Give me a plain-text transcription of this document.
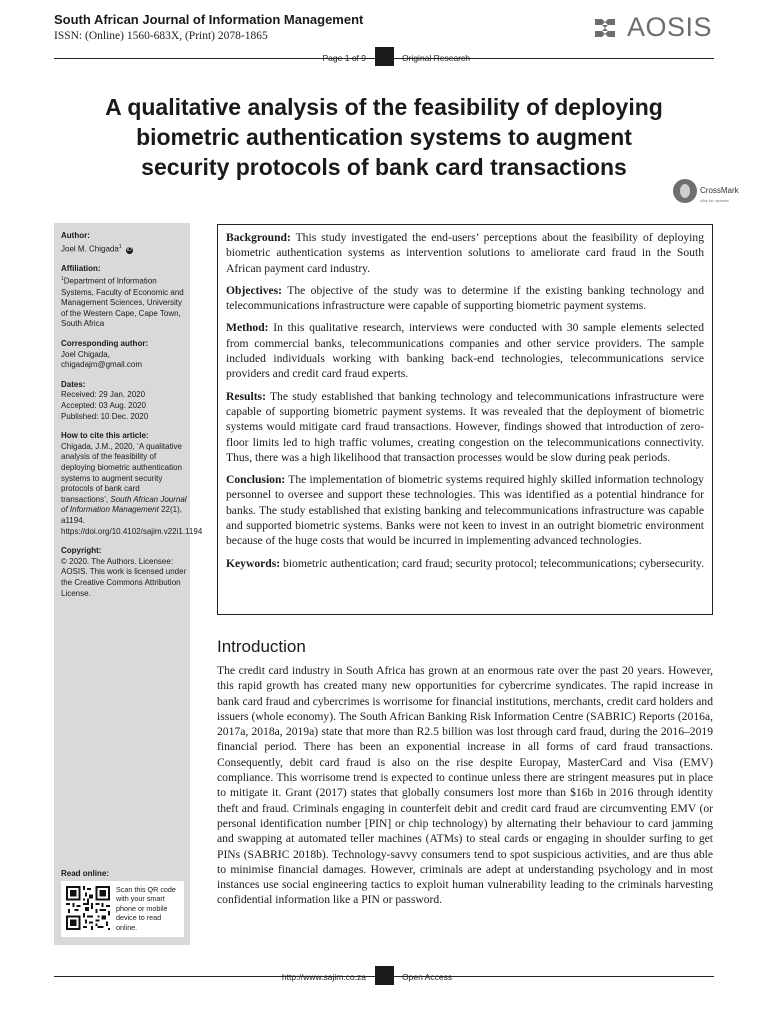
South African Journal of Information Management
ISSN: (Online) 1560-683X, (Print) 2078-1865	AOSIS
Page 1 of 9	Original Research
A qualitative analysis of the feasibility of deploying
biometric authentication systems to augment
security protocols of bank card transactions
CrossMark
click for updates
Author:
Joel M. Chigada$^1$ iD
Affiliation:
$^1$Department of Information Systems, Faculty of Economic and Management Sciences, University of the Western Cape, Cape Town, South Africa
Corresponding author:
Joel Chigada,
chigadajm@gmail.com
Dates:
Received: 29 Jan. 2020
Accepted: 03 Aug. 2020
Published: 10 Dec. 2020
How to cite this article:
Chigada, J.M., 2020, ‘A qualitative analysis of the feasibility of deploying biometric authentication systems to augment security protocols of bank card transactions’, South African Journal of Information Management 22(1), a1194. https://doi.org/10.4102/sajim.v22i1.1194
Copyright:
© 2020. The Authors. Licensee: AOSIS. This work is licensed under the Creative Commons Attribution License.
Read online:
Scan this QR code with your smart phone or mobile device to read online.

Background: This study investigated the end-users’ perceptions about the feasibility of deploying biometric authentication systems as intervention solutions to ameliorate card fraud in the South African payment card industry.

Objectives: The objective of the study was to determine if the existing banking technology and telecommunications infrastructure were capable of supporting biometric payment systems.

Method: In this qualitative research, interviews were conducted with 30 sample elements selected from commercial banks, telecommunications companies and other service providers. The sample included individuals working with banking back-end technologies, telecommunications service providers and credit card fraud experts.

Results: The study established that banking technology and telecommunications infrastructure were capable of supporting biometric payment systems. It was revealed that the deployment of biometric systems would mitigate card fraud transactions. However, findings showed that introduction of zero-floor limits led to high traffic volumes, creating congestion on the telecommunications connectivity. Thus, there was a high likelihood that transaction processes would be slow during peak periods.

Conclusion: The implementation of biometric systems required highly skilled information technology personnel to oversee and support these technologies. This was identified as a potential hindrance for banks. The study established that existing banking and telecommunications infrastructure was capable and supported biometric systems. Banks were not keen to invest in an outright biometric environment because of the huge costs that would be incurred in implementing advanced technologies.

Keywords: biometric authentication; card fraud; security protocol; telecommunications; cybersecurity.

Introduction

The credit card industry in South Africa has grown at an enormous rate over the past 20 years. However, this rapid growth has created many new opportunities for cybercrime syndicates. The rapid increase in bank card fraud and cybercrimes is worrisome for financial institutions, merchants, credit card holders and issuers (whole economy). The South African Banking Risk Information Centre (SABRIC) Reports (2016a, 2017a, 2018a, 2019a) state that more than R2.5 billion was lost through card fraud, during the 2016–2019 financial period. There has been an exponential increase in all forms of card fraud transactions. Consequently, debit card fraud is also on the rise despite Europay, MasterCard and Visa (EMV) compliance. This worrisome trend is expected to continue unless there are stringent measures put in place to mitigate it. Grant (2017) states that globally consumers lost more than $16b in 2016 through identity theft and fraud. Criminals engaging in counterfeit debit and credit card fraud are circumventing EMV (or personal identification number [PIN] or chip technology) by alternating their behaviour to card jamming and swapping at automated teller machines (ATMs) to steal cards or engaging in shoulder surfing to get PINs (SABRIC 2018b). Technology-savvy consumers tend to spot suspicious activities, and are thus able to minimise financial damages. However, criminals are adept at understanding psychology and in most instances use social engineering tactics to exploit human vulnerability leading to the criminals harvesting confidential information like a PIN or password.

http://www.sajim.co.za	Open Access
